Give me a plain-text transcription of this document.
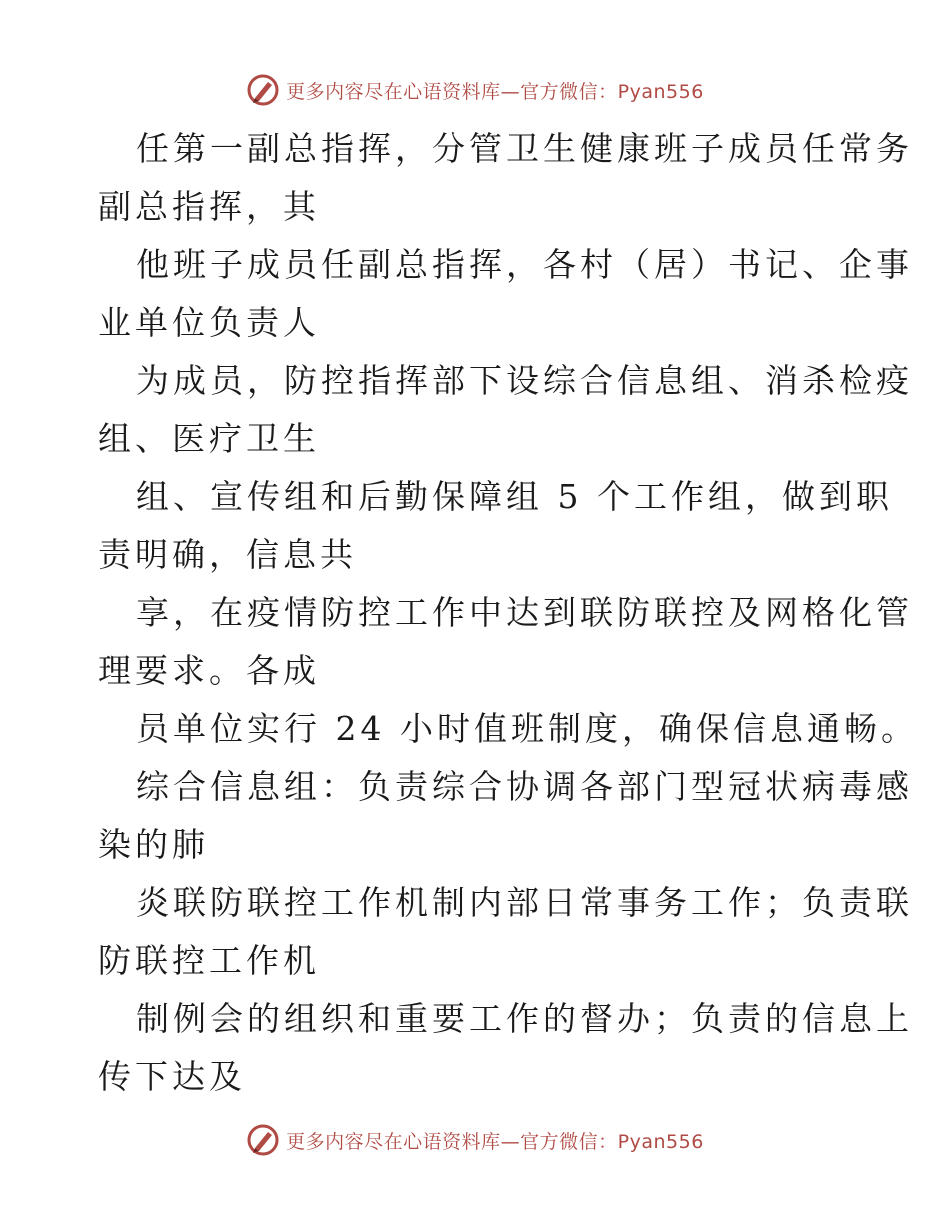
更多内容尽在心语资料库—官方微信：Pyan556
任第一副总指挥，分管卫生健康班子成员任常务
副总指挥，其
他班子成员任副总指挥，各村（居）书记、企事
业单位负责人
为成员，防控指挥部下设综合信息组、消杀检疫
组、医疗卫生
组、宣传组和后勤保障组 5 个工作组，做到职
责明确，信息共
享，在疫情防控工作中达到联防联控及网格化管
理要求。各成
员单位实行 24 小时值班制度，确保信息通畅。
综合信息组：负责综合协调各部门型冠状病毒感
染的肺
炎联防联控工作机制内部日常事务工作；负责联
防联控工作机
制例会的组织和重要工作的督办；负责的信息上
传下达及
更多内容尽在心语资料库—官方微信：Pyan556
